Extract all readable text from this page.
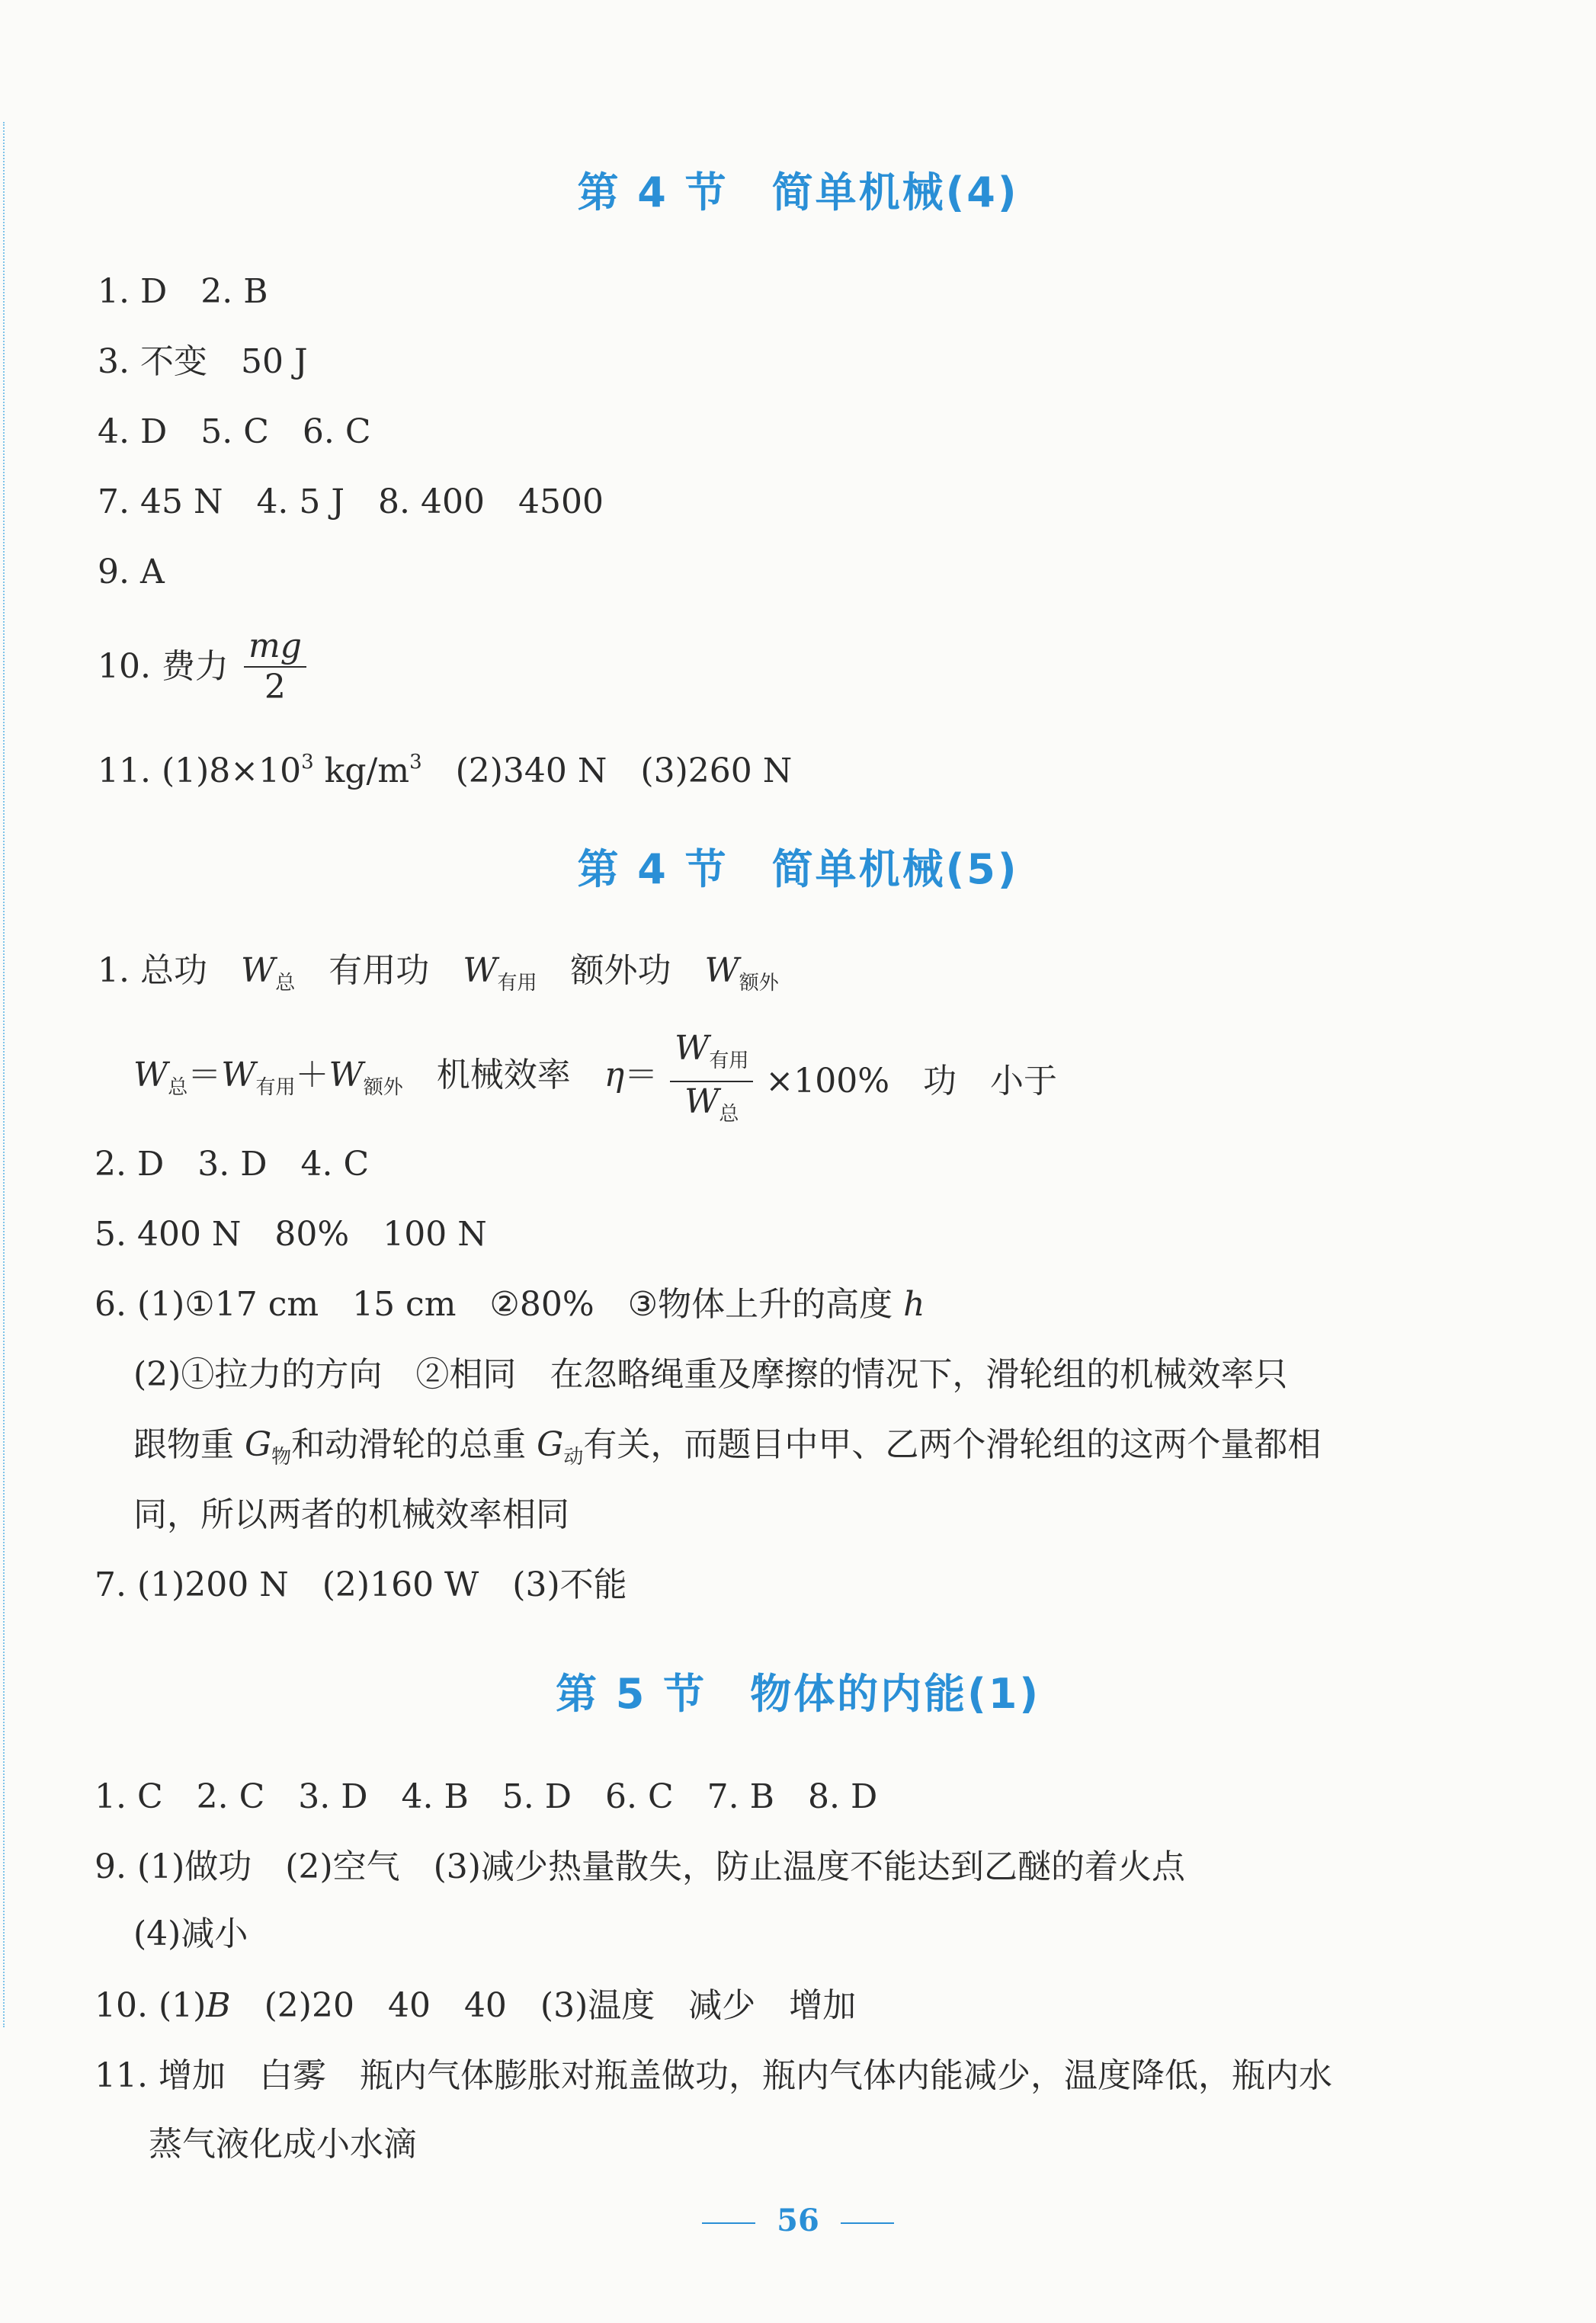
第 4 节　简单机械(4)
1. D　2. B
3. 不变　50 J
4. D　5. C　6. C
7. 45 N　4. 5 J　8. 400　4500
9. A
10. 费力 $\frac{mg}{2}$
11. $(1)8\times 10^3$ $kg/m^3$　(2)340 N　(3)260 N
第 4 节　简单机械(5)
1. 总功　$W_总$　有用功　$W_{有用}$　额外功　$W_{额外}$
$W_总=W_{有用}+W_{额外}$　机械效率　$\eta= \frac{W_{有用}}{W_总} \times 100\%$　功　小于
2. D　3. D　4. C
5. 400 N　80%　100 N
6. (1)①17 cm　15 cm　②80%　③物体上升的高度 h
(2)①拉力的方向　②相同　在忽略绳重及摩擦的情况下，滑轮组的机械效率只
跟物重 $G_物$和动滑轮的总重 $G_动$有关，而题目中甲、乙两个滑轮组的这两个量都相
同，所以两者的机械效率相同
7. (1)200 N　(2)160 W　(3)不能
第 5 节　物体的内能(1)
1. C　2. C　3. D　4. B　5. D　6. C　7. B　8. D
9. (1)做功　(2)空气　(3)减少热量散失，防止温度不能达到乙醚的着火点
(4)减小
10. (1)B　(2)20　40　40　(3)温度　减少　增加
11. 增加　白雾　瓶内气体膨胀对瓶盖做功，瓶内气体内能减少，温度降低，瓶内水
蒸气液化成小水滴
56
